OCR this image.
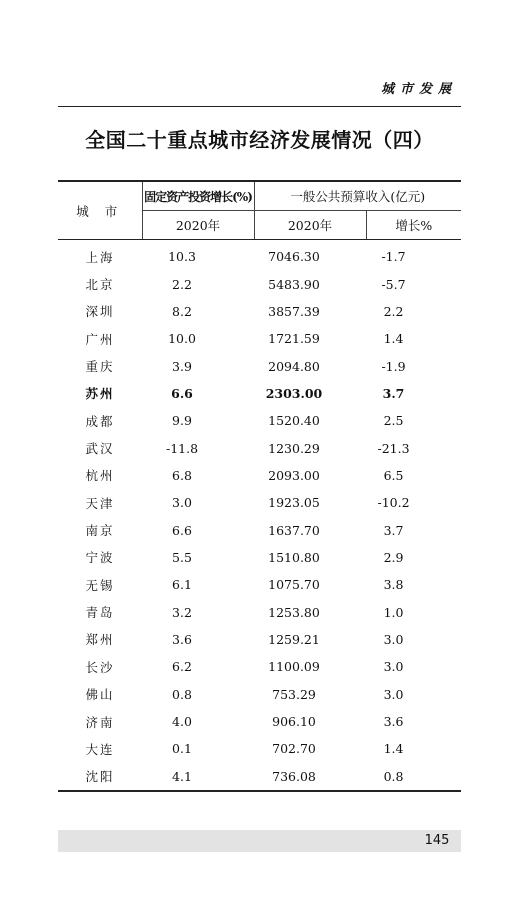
城市发展
全国二十重点城市经济发展情况（四）
城 市	固定资产投资增长(%)	一般公共预算收入(亿元)	
	2020年	2020年	增长%
上海	10.3	7046.30	-1.7
北京	2.2	5483.90	-5.7
深圳	8.2	3857.39	2.2
广州	10.0	1721.59	1.4
重庆	3.9	2094.80	-1.9
苏州	6.6	2303.00	3.7
成都	9.9	1520.40	2.5
武汉	-11.8	1230.29	-21.3
杭州	6.8	2093.00	6.5
天津	3.0	1923.05	-10.2
南京	6.6	1637.70	3.7
宁波	5.5	1510.80	2.9
无锡	6.1	1075.70	3.8
青岛	3.2	1253.80	1.0
郑州	3.6	1259.21	3.0
长沙	6.2	1100.09	3.0
佛山	0.8	753.29	3.0
济南	4.0	906.10	3.6
大连	0.1	702.70	1.4
沈阳	4.1	736.08	0.8
145
